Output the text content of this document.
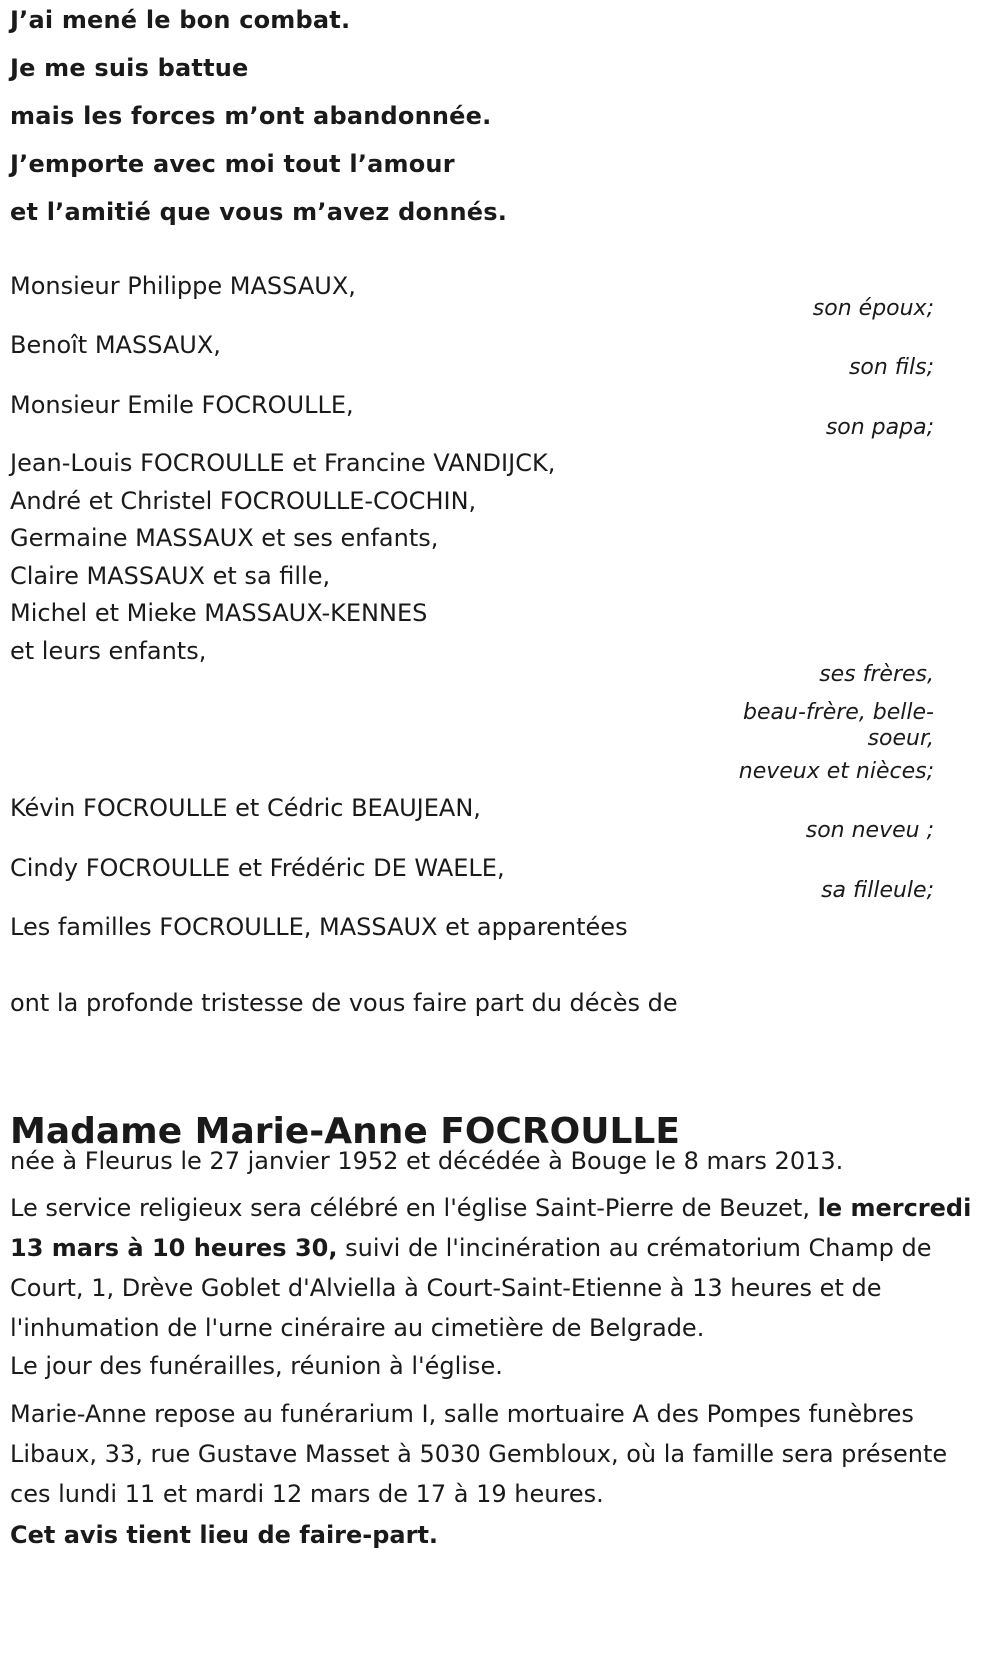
J’ai mené le bon combat.
Je me suis battue
mais les forces m’ont abandonnée.
J’emporte avec moi tout l’amour
et l’amitié que vous m’avez donnés.
Monsieur Philippe MASSAUX,
son époux;
Benoît MASSAUX,
son fils;
Monsieur Emile FOCROULLE,
son papa;
Jean-Louis FOCROULLE et Francine VANDIJCK,
André et Christel FOCROULLE-COCHIN,
Germaine MASSAUX et ses enfants,
Claire MASSAUX et sa fille,
Michel et Mieke MASSAUX-KENNES
et leurs enfants,
ses frères,
beau-frère, belle-soeur,
neveux et nièces;
Kévin FOCROULLE et Cédric BEAUJEAN,
son neveu ;
Cindy FOCROULLE et Frédéric DE WAELE,
sa filleule;
Les familles FOCROULLE, MASSAUX et apparentées
ont la profonde tristesse de vous faire part du décès de
Madame Marie-Anne FOCROULLE
née à Fleurus le 27 janvier 1952 et décédée à Bouge le 8 mars 2013.
Le service religieux sera célébré en l'église Saint-Pierre de Beuzet, le mercredi 13 mars à 10 heures 30, suivi de l'incinération au crématorium Champ de Court, 1, Drève Goblet d'Alviella à Court-Saint-Etienne à 13 heures et de l'inhumation de l'urne cinéraire au cimetière de Belgrade.
Le jour des funérailles, réunion à l'église.
Marie-Anne repose au funérarium I, salle mortuaire A des Pompes funèbres Libaux, 33, rue Gustave Masset à 5030 Gembloux, où la famille sera présente ces lundi 11 et mardi 12 mars de 17 à 19 heures.
Cet avis tient lieu de faire-part.
